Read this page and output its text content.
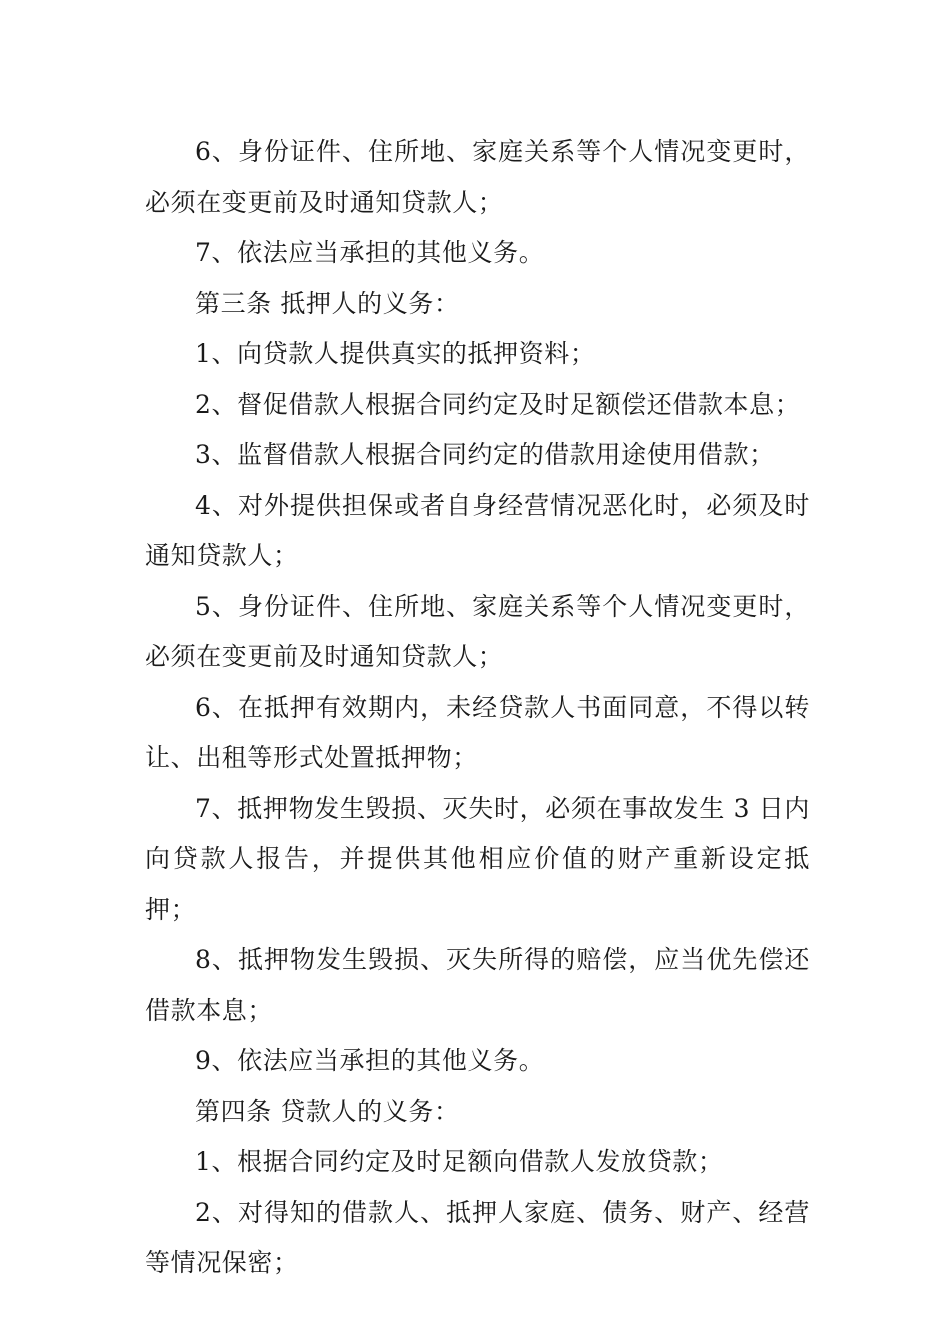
6、身份证件、住所地、家庭关系等个人情况变更时，必须在变更前及时通知贷款人；

7、依法应当承担的其他义务。

第三条 抵押人的义务：

1、向贷款人提供真实的抵押资料；

2、督促借款人根据合同约定及时足额偿还借款本息；

3、监督借款人根据合同约定的借款用途使用借款；

4、对外提供担保或者自身经营情况恶化时，必须及时通知贷款人；

5、身份证件、住所地、家庭关系等个人情况变更时，必须在变更前及时通知贷款人；

6、在抵押有效期内，未经贷款人书面同意，不得以转让、出租等形式处置抵押物；

7、抵押物发生毁损、灭失时，必须在事故发生 3 日内向贷款人报告，并提供其他相应价值的财产重新设定抵押；

8、抵押物发生毁损、灭失所得的赔偿，应当优先偿还借款本息；

9、依法应当承担的其他义务。

第四条 贷款人的义务：

1、根据合同约定及时足额向借款人发放贷款；

2、对得知的借款人、抵押人家庭、债务、财产、经营等情况保密；
